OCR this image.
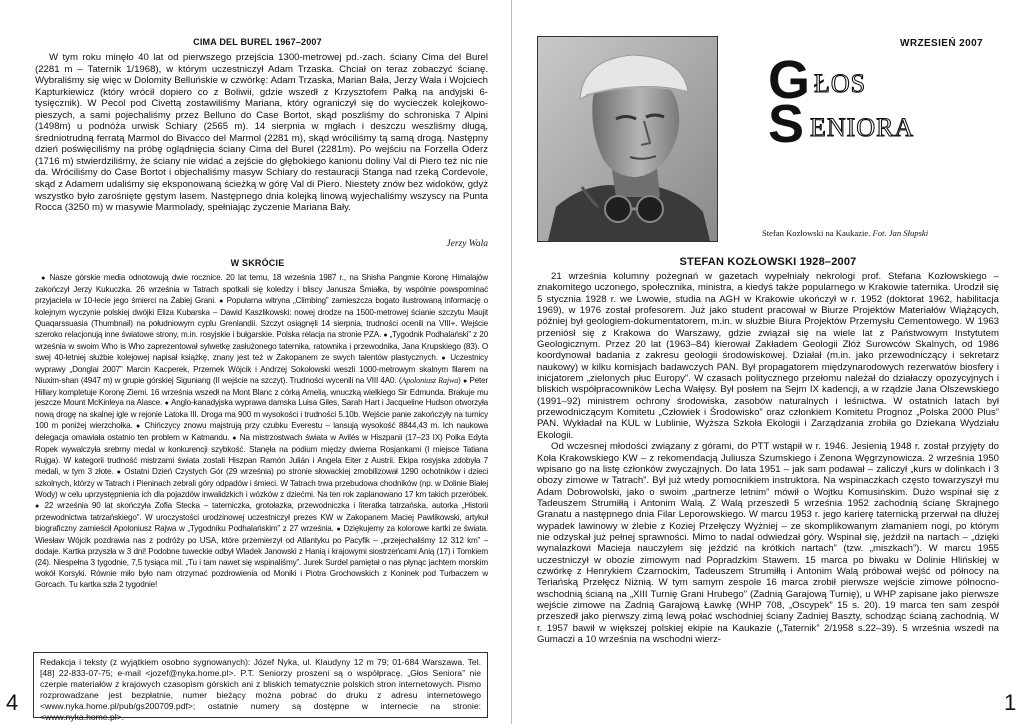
CIMA DEL BUREL 1967–2007
W tym roku minęło 40 lat od pierwszego przejścia 1300-metrowej pd.-zach. ściany Cima del Burel (2281 m – Taternik 1/1968), w którym uczestniczył Adam Trzaska. Chciał on teraz zobaczyć ścianę. Wybraliśmy się więc w Dolomity Belluńskie w czwórkę: Adam Trzaska, Marian Bała, Jerzy Wala i Wojciech Kapturkiewicz (który wrócił dopiero co z Boliwii, gdzie wszedł z Krzysztofem Pałką na andyjski 6-tysięcznik). W Pecol pod Civettą zostawiliśmy Mariana, który ograniczył się do wycieczek kolejkowo-pieszych, a sami pojechaliśmy przez Belluno do Case Bortot, skąd poszliśmy do schroniska 7 Alpini (1498m) u podnóża urwisk Schiary (2565 m). 14 sierpnia w mgłach i deszczu weszliśmy długą, średniotrudną ferratą Marmol do Bivacco del Marmol (2281 m), skąd wróciliśmy tą samą drogą. Następny dzień poświęciliśmy na próbę oglądnięcia ściany Cima del Burel (2281m). Po wejściu na Forzella Oderz (1716 m) stwierdziliśmy, że ściany nie widać a zejście do głębokiego kanionu doliny Val di Piero też nic nie da. Wróciliśmy do Case Bortot i objechaliśmy masyw Schiary do restauracji Stanga nad rzeką Cordevole, skąd z Adamem udaliśmy się eksponowaną ścieżką w górę Val di Piero. Niestety znów bez widoków, gdyż wszystko było zarośnięte gęstym lasem. Następnego dnia kolejką linową wyjechaliśmy wszyscy na Punta Rocca (3250 m) w masywie Marmolady, spełniając życzenie Mariana Bały.
Jerzy Wala
W SKRÓCIE
● Nasze górskie media odnotowują dwie rocznice. 20 lat temu, 18 września 1987 r., na Shisha Pangmie Koronę Himalajów zakończył Jerzy Kukuczka. 26 września w Tatrach spotkali się koledzy i bliscy Janusza Śmiałka, by wspólnie powspominać przyjaciela w 10-lecie jego śmierci na Żabiej Grani. ● Popularna witryna „Climbing” zamieszcza bogato ilustrowaną informację o kolejnym wyczynie polskiej dwójki Eliza Kubarska – Dawid Kaszlikowski: nowej drodze na 1500-metrowej ścianie szczytu Maujit Quaqarssuasia (Thumbnail) na południowym cyplu Grenlandii. Szczyt osiągnęli 14 sierpnia, trudności ocenili na VIII+. Wejście szeroko relacjonują inne światowe strony, m.in. rosyjskie i bułgarskie. Polska relacja na stronie PZA. ● „Tygodnik Podhalański” z 20 września w swoim Who is Who zaprezentował sylwetkę zasłużonego taternika, ratownika i przewodnika, Jana Krupskiego (83). O swej 40-letniej służbie kolejowej napisał książkę, znany jest też w Zakopanem ze swych talentów plastycznych. ● Uczestnicy wyprawy „Donglai 2007” Marcin Kacperek, Przemek Wójcik i Andrzej Sokołowski weszli 1000-metrowym skalnym filarem na Niuxim-shan (4947 m) w grupie górskiej Siguniang (II wejście na szczyt). Trudności wycenili na VIII 4A0. (Apoloniusz Rajwa) ● Peter Hillary kompletuje Koronę Ziemi. 16 września wszedł na Mont Blanc z córką Amelią, wnuczką wielkiego Sir Edmunda. Brakuje mu jeszcze Mount McKinleya na Alasce. ● Anglo-kanadyjska wyprawa damska Luisa Giles, Sarah Hart i Jacqueline Hudson otworzyła nową drogę na skalnej igle w rejonie Latoka III. Droga ma 900 m wysokości i trudności 5.10b. Wejście panie zakończyły na turnicy 100 m poniżej wierzchołka. ● Chińczycy znowu majstrują przy czubku Everestu – lansują wysokość 8844,43 m. Ich naukowa delegacja omawiała ostatnio ten problem w Katmandu. ● Na mistrzostwach świata w Avilés w Hiszpanii (17–23 IX) Polka Edyta Ropek wywalczyła srebrny medal w konkurencji szybkość. Stanęła na podium między dwiema Rosjankami (I miejsce Tatiana Rujga). W kategorii trudność mistrzami świata zostali Hiszpan Ramón Julián i Angela Eiter z Austrii. Ekipa rosyjska zdobyła 7 medali, w tym 3 złote. ● Ostatni Dzień Czystych Gór (29 września) po stronie słowackiej zmobilizował 1290 ochotników i dzieci szkolnych, którzy w Tatrach i Pieninach zebrali góry odpadów i śmieci. W Tatrach trwa przebudowa chodników (np. w Dolinie Białej Wody) w celu uprzystępnienia ich dla pojazdów inwalidzkich i wózków z dziećmi. Na ten rok zaplanowano 17 km takich przeróbek. ● 22 września 90 lat skończyła Zofia Stecka – taterniczka, grotołazka, przewodniczka i literatka tatrzańska, autorka „Historii przewodnictwa tatrzańskiego”. W uroczystości urodzinowej uczestniczył prezes KW w Zakopanem Maciej Pawlikowski, artykuł biograficzny zamieścił Apoloniusz Rajwa w „Tygodniku Podhalańskim” z 27 września. ● Dziękujemy za kolorowe kartki ze świata. Wiesław Wójcik pozdrawia nas z podróży po USA, które przemierzył od Atlantyku po Pacyfik – „przejechaliśmy 12 312 km” – dodaje. Kartka przyszła w 3 dni! Podobne tuweckie odbył Wladek Janowski z Hanią i krajowymi siostrzeńcami Anią (17) i Tomkiem (24). Niespełna 3 tygodnie, 7,5 tysiąca mil. „Tu i tam nawet się wspinaliśmy”. Jurek Surdel pamiętał o nas płynąc jachtem morskim wokół Korsyki. Równie miło było nam otrzymać pozdrowienia od Moniki i Piotra Grochowskich z Koninek pod Turbaczem w Gorcach. Tu kartka szła 2 tygodnie!
Redakcja i teksty (z wyjątkiem osobno sygnowanych): Józef Nyka, ul. Klaudyny 12 m 79; 01-684 Warszawa. Tel. [48] 22-833-07-75; e-mail <jozef@nyka.home.pl>. P.T. Seniorzy proszeni są o współpracę. „Głos Seniora” nie czerpie materiałów z krajowych czasopism górskich ani z bliskich tematycznie polskich stron internetowych. Pismo rozprowadzane jest bezpłatnie, numer bieżący można pobrać do druku z adresu internetowego <www.nyka.home.pl/pub/gs200709.pdf>; ostatnie numery są dostępne w internecie na stronie: <www.nyka.home.pl>.
4
WRZESIEŃ 2007
G ŁOS
S ENIORA
Stefan Kozłowski na Kaukazie. Fot. Jan Słupski
STEFAN KOZŁOWSKI 1928–2007

21 września kolumny pożegnań w gazetach wypełniały nekrologi prof. Stefana Kozłowskiego – znakomitego uczonego, społecznika, ministra, a kiedyś także popularnego w Krakowie taternika. Urodził się 5 stycznia 1928 r. we Lwowie, studia na AGH w Krakowie ukończył w r. 1952 (doktorat 1962, habilitacja 1969), w 1976 został profesorem. Już jako student pracował w Biurze Projektów Materiałów Wiążących, później był geologiem-dokumentatorem, m.in. w służbie Biura Projektów Przemysłu Cementowego. W 1963 przeniósł się z Krakowa do Warszawy, gdzie związał się na wiele lat z Państwowym Instytutem Geologicznym. Przez 20 lat (1963–84) kierował Zakładem Geologii Złóż Surowców Skalnych, od 1986 koordynował badania z zakresu geologii środowiskowej. Działał (m.in. jako przewodniczący i sekretarz naukowy) w kilku komisjach badawczych PAN. Był propagatorem międzynarodowych rezerwatów biosfery i inicjatorem „zielonych płuc Europy”. W czasach politycznego przełomu należał do działaczy opozycyjnych i bliskich współpracowników Lecha Wałęsy. Był posłem na Sejm IX kadencji, a w rządzie Jana Olszewskiego (1991–92) ministrem ochrony środowiska, zasobów naturalnych i leśnictwa. W ostatnich latach był przewodniczącym Komitetu „Człowiek i Środowisko” oraz członkiem Komitetu Prognoz „Polska 2000 Plus” PAN. Wykładał na KUL w Lublinie, Wyższa Szkoła Ekologii i Zarządzania zrobiła go Dziekana Wydziału Ekologii.

Od wczesnej młodości związany z górami, do PTT wstąpił w r. 1946. Jesienią 1948 r. został przyjęty do Koła Krakowskiego KW – z rekomendacją Juliusza Szumskiego i Zenona Węgrzynowicza. 2 września 1950 wpisano go na listę członków zwyczajnych. Do lata 1951 – jak sam podawał – zaliczył „kurs w dolinkach i 3 obozy zimowe w Tatrach”. Był już wtedy pomocnikiem instruktora. Na wspinaczkach często towarzyszył mu Adam Dobrowolski, jako o swoim „partnerze letnim” mówił o Wojtku Komusińskim. Dużo wspinał się z Tadeuszem Strumiłłą i Antonim Walą. Z Walą przeszedł 5 września 1952 zachodnią ścianę Skrajnego Granatu a następnego dnia Filar Leporowskiego. W marcu 1953 r. jego karierę taternicką przerwał na dłużej wypadek lawinowy w żlebie z Koziej Przełęczy Wyżniej – ze skomplikowanym złamaniem nogi, po którym nie odzyskał już pełnej sprawności. Mimo to nadal odwiedzał góry. Wspinał się, jeździł na nartach – „dzięki wynalazkowi Macieja nauczyłem się jeździć na krótkich nartach” (tzw. „miszkach”). W marcu 1955 uczestniczył w obozie zimowym nad Popradzkim Stawem. 15 marca po biwaku w Dolinie Hlińskiej w czwórkę z Henrykiem Czarnockim, Tadeuszem Strumiłłą i Antonim Walą próbował wejść od północy na Teriańską Przełęcz Niżnią. W tym samym zespole 16 marca zrobił pierwsze wejście zimowe północno-wschodnią ścianą na „XIII Turnię Grani Hrubego” (Zadnią Garajową Turnię), u WHP zapisane jako pierwsze wejście zimowe na Zadnią Garajową Ławkę (WHP 708, „Oscypek” 15 s. 20). 19 marca ten sam zespół przeszedł jako pierwszy zimą lewą połać wschodniej ściany Zadniej Baszty, schodząc ścianą zachodnią. W r. 1957 bawił w większej polskiej ekipie na Kaukazie („Taternik” 2/1958 s.22–39). 5 września wszedł na Gumaczi a 10 września na wschodni wierz-

1
